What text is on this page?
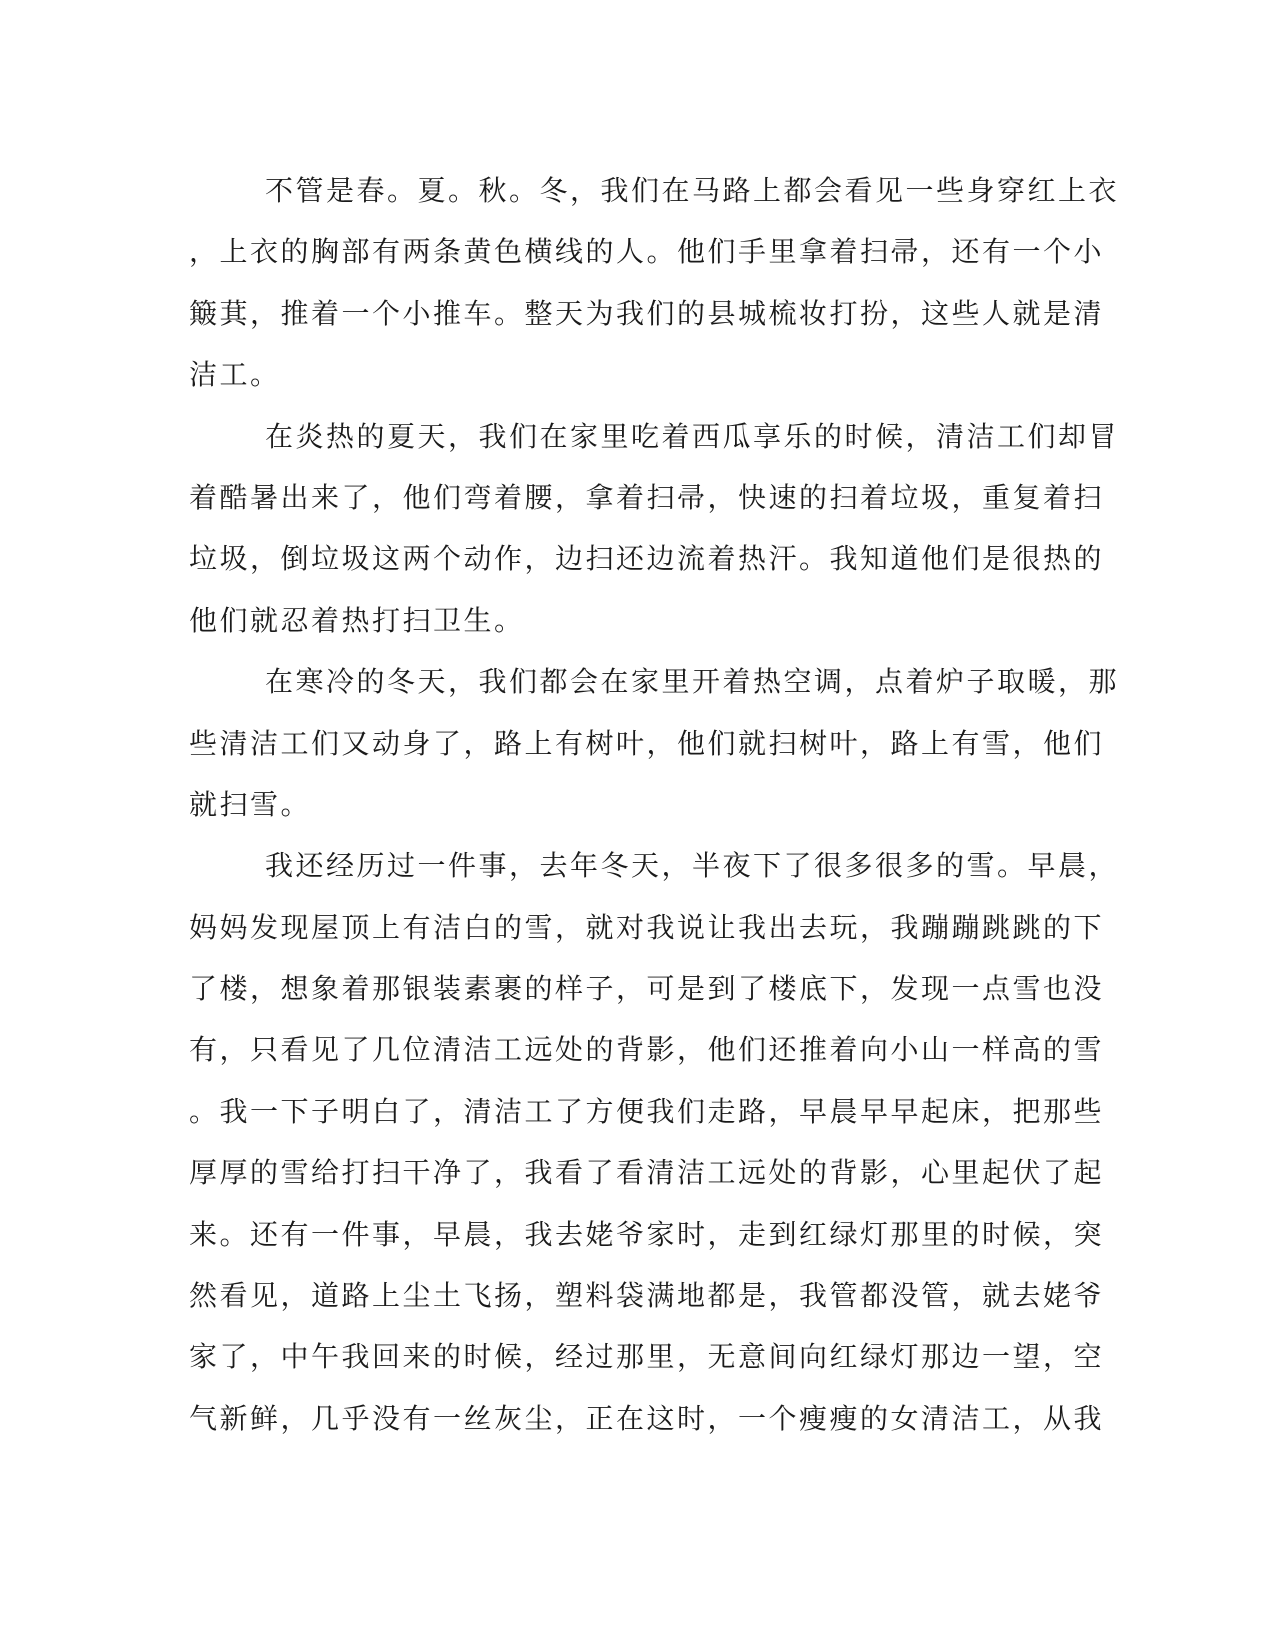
不管是春。夏。秋。冬，我们在马路上都会看见一些身穿红上衣
，上衣的胸部有两条黄色横线的人。他们手里拿着扫帚，还有一个小
簸萁，推着一个小推车。整天为我们的县城梳妆打扮，这些人就是清
洁工。
在炎热的夏天，我们在家里吃着西瓜享乐的时候，清洁工们却冒
着酷暑出来了，他们弯着腰，拿着扫帚，快速的扫着垃圾，重复着扫
垃圾，倒垃圾这两个动作，边扫还边流着热汗。我知道他们是很热的
他们就忍着热打扫卫生。
在寒冷的冬天，我们都会在家里开着热空调，点着炉子取暖，那
些清洁工们又动身了，路上有树叶，他们就扫树叶，路上有雪，他们
就扫雪。
我还经历过一件事，去年冬天，半夜下了很多很多的雪。早晨，
妈妈发现屋顶上有洁白的雪，就对我说让我出去玩，我蹦蹦跳跳的下
了楼，想象着那银装素裹的样子，可是到了楼底下，发现一点雪也没
有，只看见了几位清洁工远处的背影，他们还推着向小山一样高的雪
。我一下子明白了，清洁工了方便我们走路，早晨早早起床，把那些
厚厚的雪给打扫干净了，我看了看清洁工远处的背影，心里起伏了起
来。还有一件事，早晨，我去姥爷家时，走到红绿灯那里的时候，突
然看见，道路上尘土飞扬，塑料袋满地都是，我管都没管，就去姥爷
家了，中午我回来的时候，经过那里，无意间向红绿灯那边一望，空
气新鲜，几乎没有一丝灰尘，正在这时，一个瘦瘦的女清洁工，从我
